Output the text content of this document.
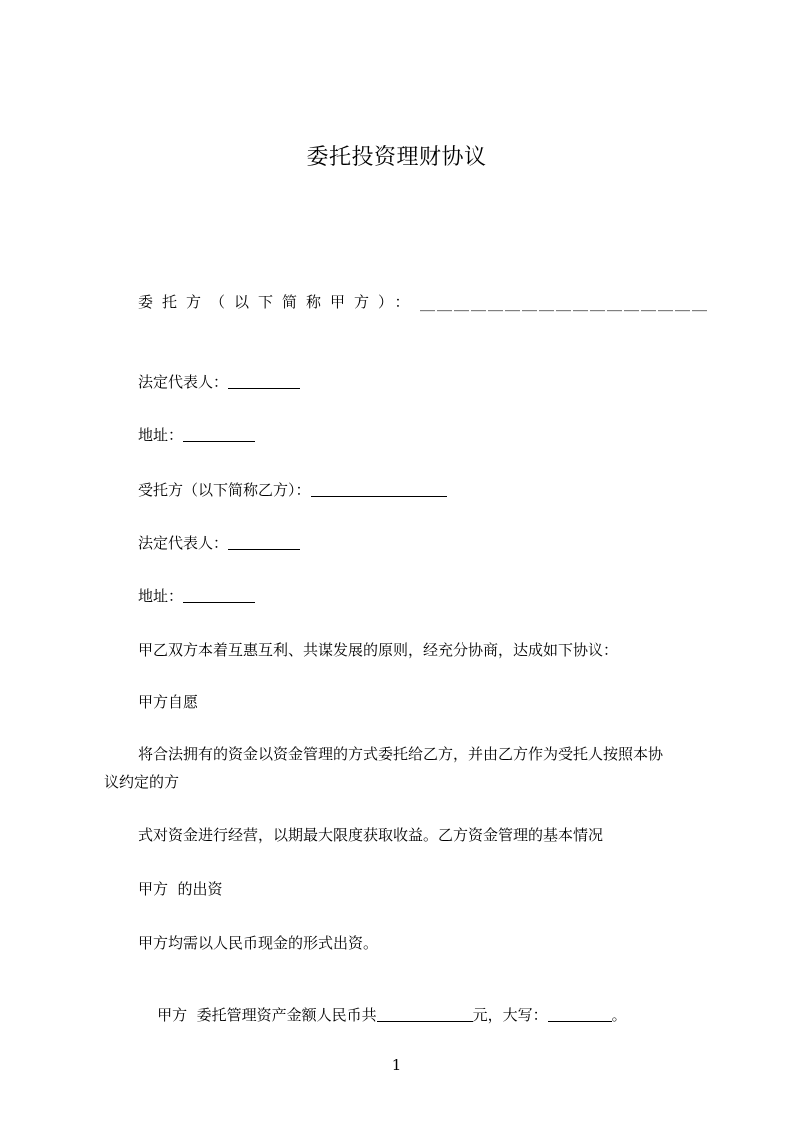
委托投资理财协议
委托方（以下简称甲方）： ＿＿＿＿＿＿＿＿＿＿＿＿＿＿＿＿＿
法定代表人：
地址：
受托方（以下简称乙方）：
法定代表人：
地址：
甲乙双方本着互惠互利、共谋发展的原则，经充分协商，达成如下协议：
甲方自愿
将合法拥有的资金以资金管理的方式委托给乙方，并由乙方作为受托人按照本协
议约定的方
式对资金进行经营，以期最大限度获取收益。乙方资金管理的基本情况
甲方  的出资
甲方均需以人民币现金的形式出资。

甲方  委托管理资产金额人民币共	元，大写：	。

1
